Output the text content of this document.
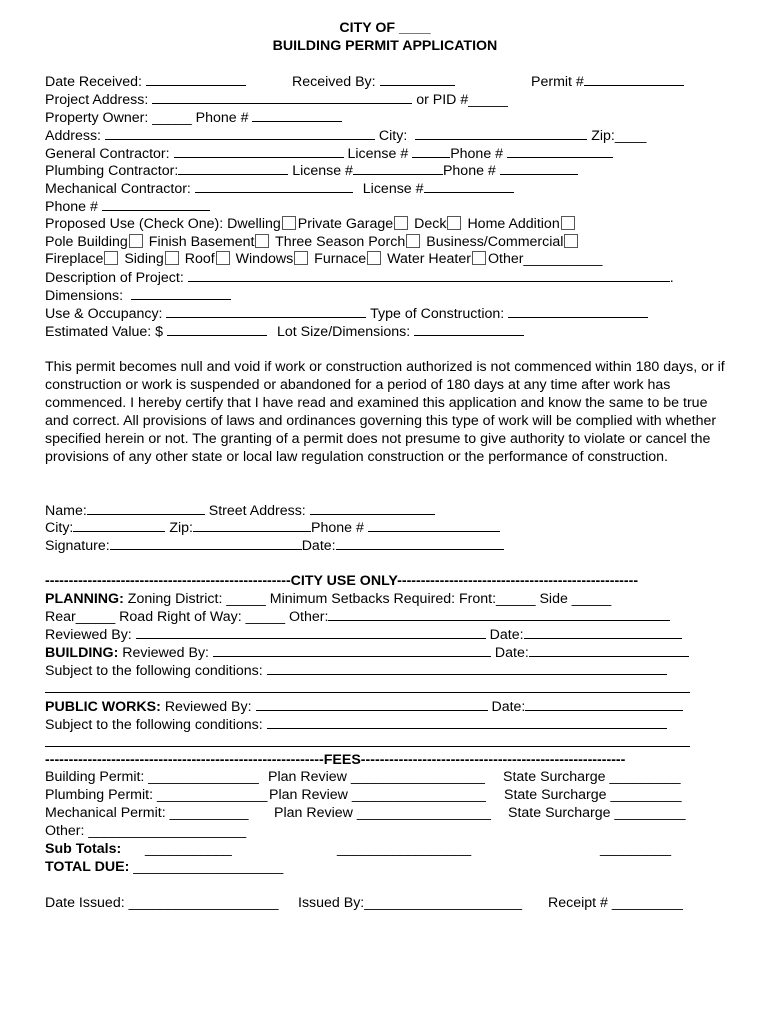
CITY OF ____
BUILDING PERMIT APPLICATION
Date Received:	Received By:	Permit #
Project Address:	or PID #_____
Property Owner: _____ Phone #
Address:	City:	Zip:____
General Contractor:	License #	Phone #
Plumbing Contractor:	License #	Phone #
Mechanical Contractor:	License #
Phone #
Proposed Use (Check One): Dwelling Private Garage Deck Home Addition
Pole Building Finish Basement Three Season Porch Business/Commercial
Fireplace Siding Roof Windows Furnace Water Heater Other__________
Description of Project:	.
Dimensions:
Use & Occupancy:	Type of Construction:
Estimated Value: $	Lot Size/Dimensions:
This permit becomes null and void if work or construction authorized is not commenced within 180 days, or if construction or work is suspended or abandoned for a period of 180 days at any time after work has commenced. I hereby certify that I have read and examined this application and know the same to be true and correct. All provisions of laws and ordinances governing this type of work will be complied with whether specified herein or not. The granting of a permit does not presume to give authority to violate or cancel the provisions of any other state or local law regulation construction or the performance of construction.
Name:	Street Address:
City:	Zip:	Phone #
Signature:	Date:
----------------------------------------------------CITY USE ONLY---------------------------------------------------
PLANNING: Zoning District: _____ Minimum Setbacks Required: Front:_____ Side _____
Rear_____ Road Right of Way: _____ Other:
Reviewed By:	Date:
BUILDING: Reviewed By:	Date:
Subject to the following conditions:
PUBLIC WORKS: Reviewed By:	Date:
Subject to the following conditions:
-----------------------------------------------------------FEES--------------------------------------------------------
Building Permit: ______________ Plan Review _________________ State Surcharge _________
Plumbing Permit: ______________ Plan Review _________________ State Surcharge _________
Mechanical Permit: __________ Plan Review _________________ State Surcharge _________
Other: ____________________
Sub Totals: ___________	_________________	_________
TOTAL DUE: ___________________
Date Issued: ___________________ Issued By:____________________ Receipt # _________
